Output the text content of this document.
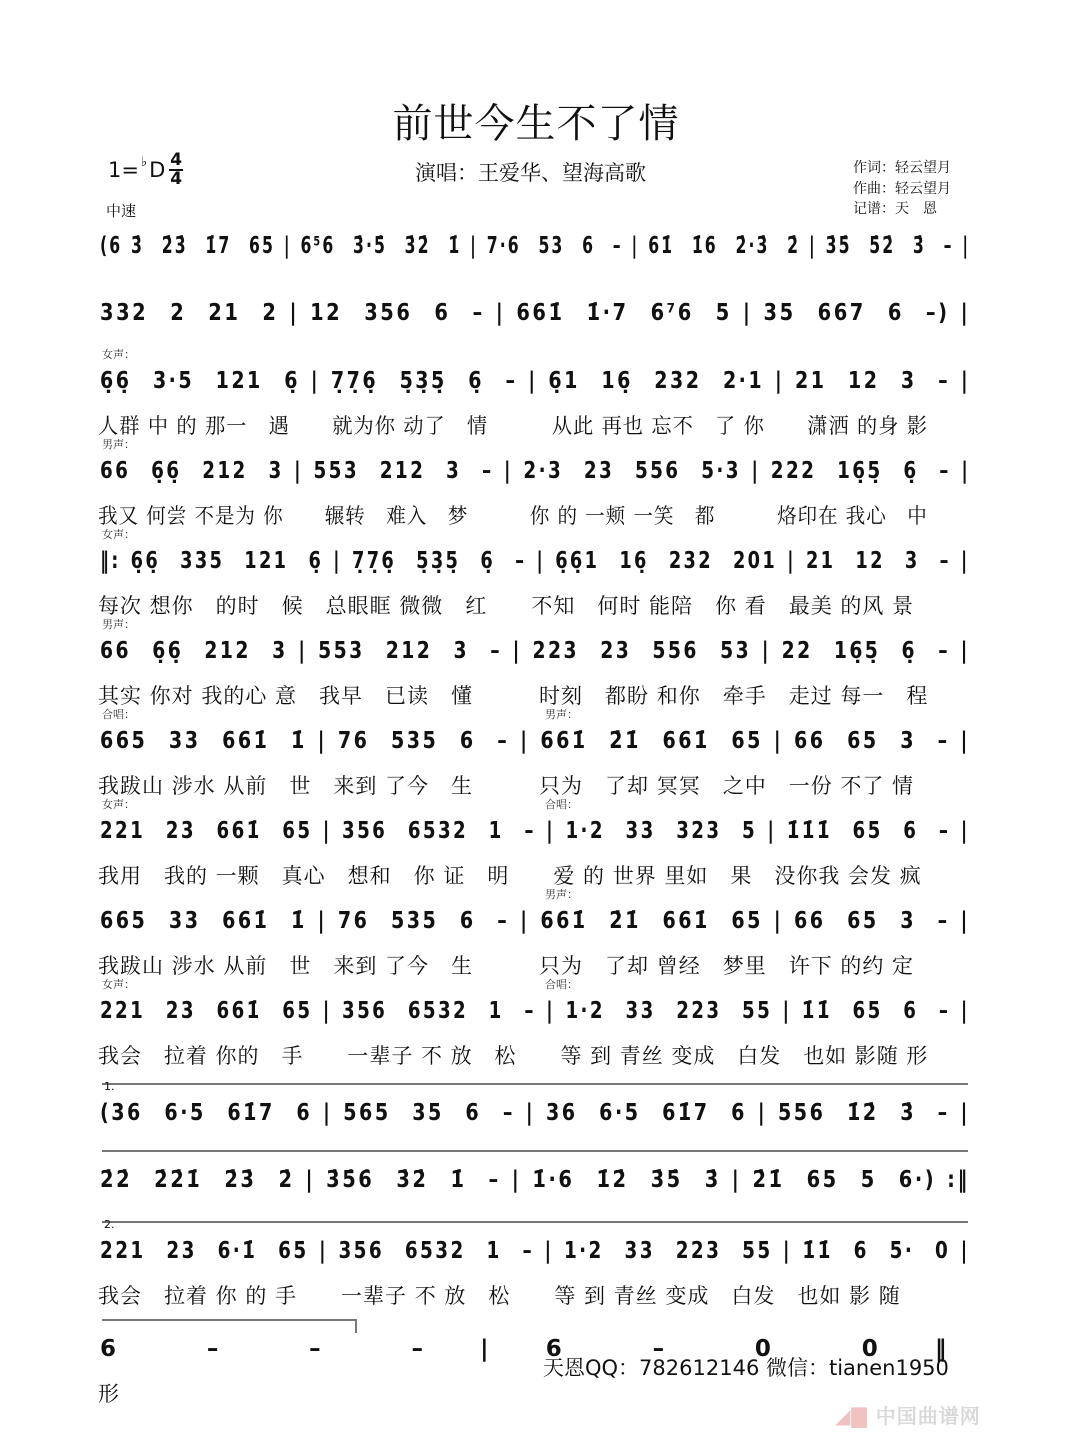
前世今生不了情
1= ♭ D $\frac{4}{4}$
中速
演唱：王爱华、望海高歌	作词：轻云望月
作曲：轻云望月
记谱：天　恩
(6 3̇  2̇3̇  1̇7  65 | 6⁵6  3̇·5̇  3̇2̇  1̇ | 7·6  53  6  – | 61̇  1̇6  2̇·3̇  2̇ | 3̇5̇  5̇2̇  3̇  – |
332  2  21  2 | 12  356  6  – | 661̇  1̇·7  6⁷6  5 | 35  667  6  –) |
女声：
6̣6̣  3·5  121  6̣ | 7̣7̣6̣  5̣3̣5̣  6̣  – | 6̣1  16̣  232  2·1 | 21  12  3  – |
人群 中 的 那一　遇　　就为你 动了　情　　　从此 再也 忘不　了 你　　潇洒 的身 影
男声：
66  6̣6̣  212  3 | 553  212  3  – | 2·3  23  556  5·3 | 222  16̣5̣  6̣  – |
我又 何尝 不是为 你　　辗转　难入　梦　　　你 的 一颊 一笑　都　　　烙印在 我心　中
女声：
‖: 6̣6̣  335  121  6̣ | 7̣7̣6̣  5̣3̣5̣  6̣  – | 6̣6̣1  16̣  232  201 | 21  12  3  – |
每次 想你　的时　候　总眼眶 微微　红　　不知　何时 能陪　你 看　最美 的风 景
男声：
66  6̣6̣  212  3 | 553  212  3  – | 223  23  556  53 | 22  16̣5̣  6̣  – |
其实 你对 我的心 意　我早　已读　懂　　　时刻　都盼 和你　牵手　走过 每一　程
合唱：	男声：
665  33  661̇  1̇ | 76  535  6  – | 661̇  2̇1̇  661̇  65 | 66  65  3  – |
我跋山 涉水 从前　世　来到 了今　生　　　只为　了却 冥冥　之中　一份 不了 情
女声：	合唱：
221  23  661̇  65 | 356  6532  1  – | 1·2  33  323  5 | 1̇1̇1̇  65  6  – |
我用　我的 一颗　真心　想和　你 证　明　　爱 的 世界 里如　果　没你我 会发 疯
男声：
665  33  661̇  1̇ | 76  535  6  – | 661̇  2̇1̇  661̇  65 | 66  65  3  – |
我跋山 涉水 从前　世　来到 了今　生　　　只为　了却 曾经　梦里　许下 的约 定
女声：	合唱：
221  23  661̇  65 | 356  6532  1  – | 1·2  33  223  55 | 1̇1̇  65  6  – |
我会　拉着 你的　手　　一辈子 不 放　松　　等 到 青丝 变成　白发　也如 影随 形
1.
(36  6·5  61̇7  6 | 565  35  6  – | 36  6·5  61̇7  6 | 556  1̇2̇  3̇  – |
2̇2̇  2̇2̇1̇  2̇3̇  2̇ | 3̇5̇6̇  3̇2̇  1̇  – | 1̇·6  1̇2̇  3̇5̇  3̇ | 2̇1̇  65  5  6·) :‖
2.
221  23  6·1̇  65 | 356  6532  1  – | 1·2  33  223  55 | 1̇1̇  6  5·  0 |
我会　拉着 你 的 手　　一辈子 不 放　松　　等 到 青丝 变成　白发　也如 影 随
6  –  –  – | 6  –  0  0 ‖
形
天恩QQ：782612146 微信：tianen1950
◢▇ 中国曲谱网
